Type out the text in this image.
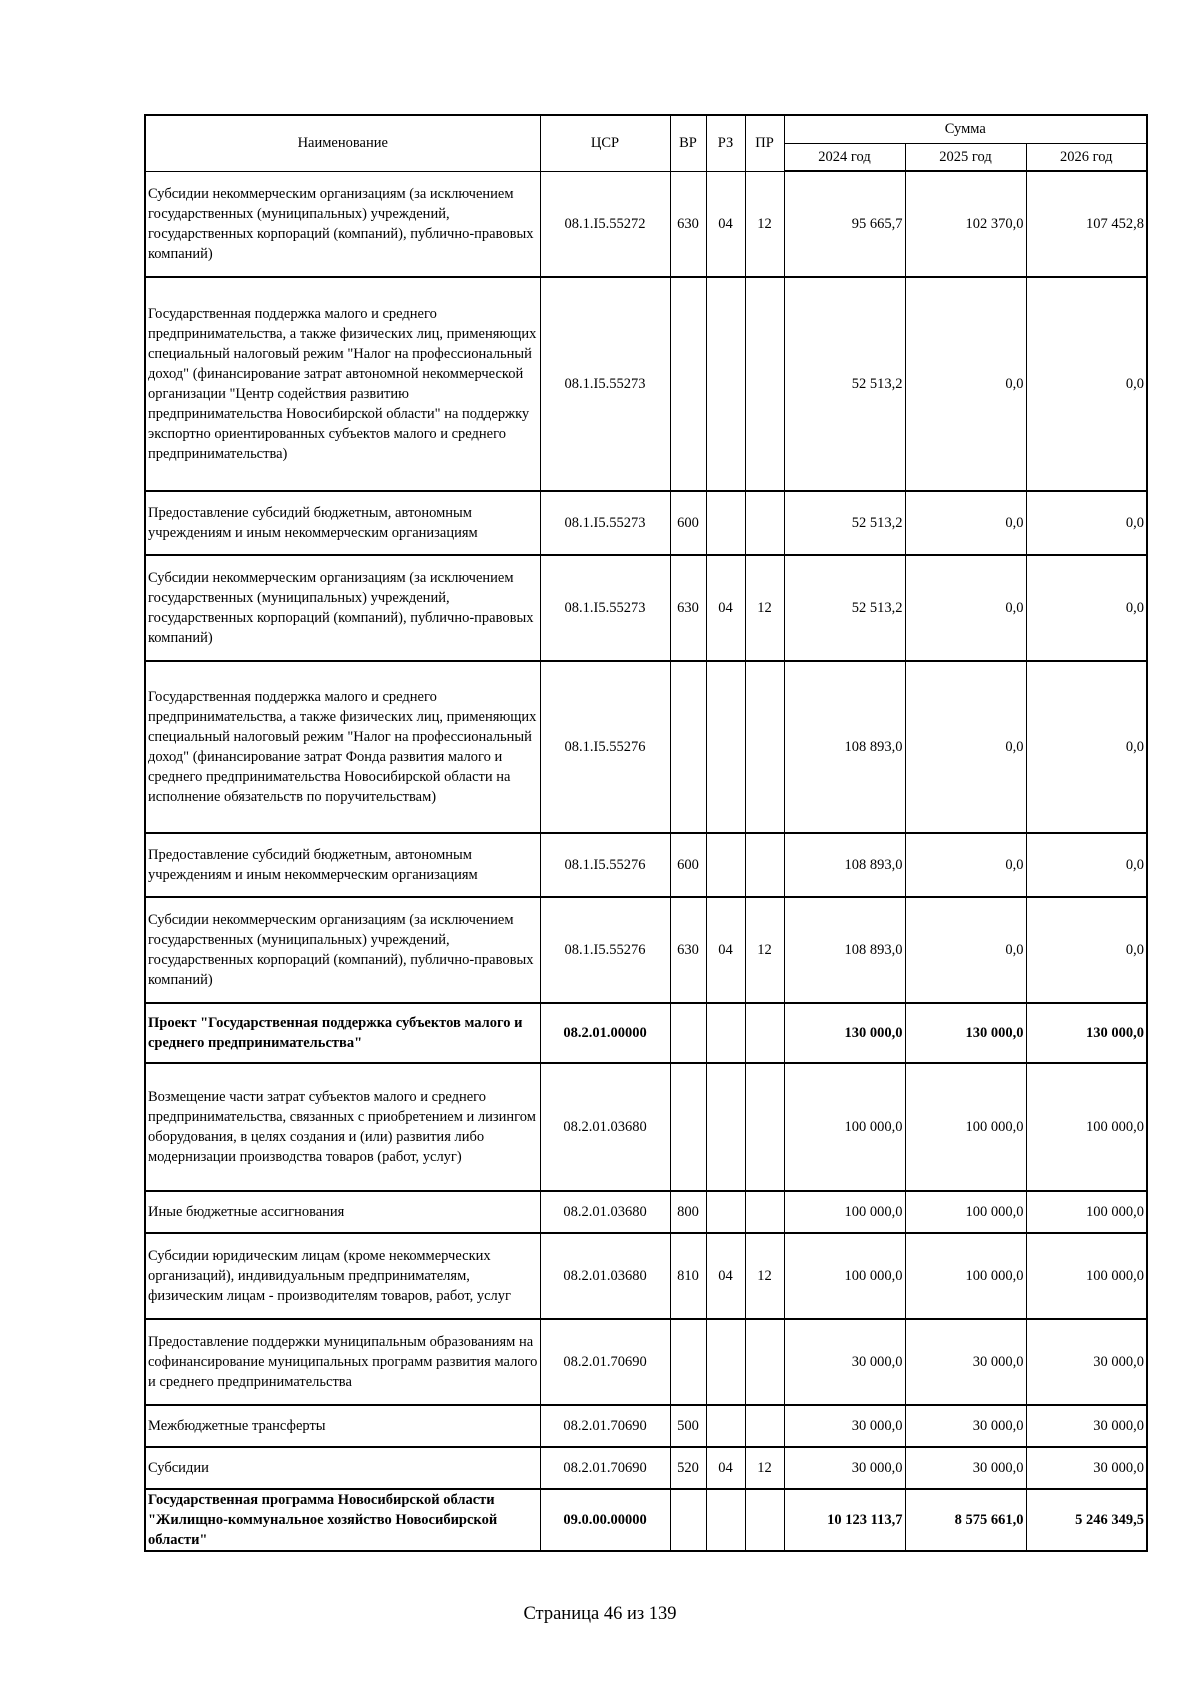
Наименование	ЦСР	ВР	РЗ	ПР	Сумма		
					2024 год	2025 год	2026 год
Субсидии некоммерческим организациям (за исключением государственных (муниципальных) учреждений, государственных корпораций (компаний), публично-правовых компаний)	08.1.I5.55272	630	04	12	95 665,7	102 370,0	107 452,8
Государственная поддержка малого и среднего предпринимательства, а также физических лиц, применяющих специальный налоговый режим "Налог на профессиональный доход" (финансирование затрат автономной некоммерческой организации "Центр содействия развитию предпринимательства Новосибирской области" на поддержку экспортно ориентированных субъектов малого и среднего предпринимательства)	08.1.I5.55273				52 513,2	0,0	0,0
Предоставление субсидий бюджетным, автономным учреждениям и иным некоммерческим организациям	08.1.I5.55273	600			52 513,2	0,0	0,0
Субсидии некоммерческим организациям (за исключением государственных (муниципальных) учреждений, государственных корпораций (компаний), публично-правовых компаний)	08.1.I5.55273	630	04	12	52 513,2	0,0	0,0
Государственная поддержка малого и среднего предпринимательства, а также физических лиц, применяющих специальный налоговый режим "Налог на профессиональный доход" (финансирование затрат Фонда развития малого и среднего предпринимательства Новосибирской области на исполнение обязательств по поручительствам)	08.1.I5.55276				108 893,0	0,0	0,0
Предоставление субсидий бюджетным, автономным учреждениям и иным некоммерческим организациям	08.1.I5.55276	600			108 893,0	0,0	0,0
Субсидии некоммерческим организациям (за исключением государственных (муниципальных) учреждений, государственных корпораций (компаний), публично-правовых компаний)	08.1.I5.55276	630	04	12	108 893,0	0,0	0,0
Проект "Государственная поддержка субъектов малого и среднего предпринимательства"	08.2.01.00000				130 000,0	130 000,0	130 000,0
Возмещение части затрат субъектов малого и среднего предпринимательства, связанных с приобретением и лизингом оборудования, в целях создания и (или) развития либо модернизации производства товаров (работ, услуг)	08.2.01.03680				100 000,0	100 000,0	100 000,0
Иные бюджетные ассигнования	08.2.01.03680	800			100 000,0	100 000,0	100 000,0
Субсидии юридическим лицам (кроме некоммерческих организаций), индивидуальным предпринимателям, физическим лицам - производителям товаров, работ, услуг	08.2.01.03680	810	04	12	100 000,0	100 000,0	100 000,0
Предоставление поддержки муниципальным образованиям на софинансирование муниципальных программ развития малого и среднего предпринимательства	08.2.01.70690				30 000,0	30 000,0	30 000,0
Межбюджетные трансферты	08.2.01.70690	500			30 000,0	30 000,0	30 000,0
Субсидии	08.2.01.70690	520	04	12	30 000,0	30 000,0	30 000,0
Государственная программа Новосибирской области "Жилищно-коммунальное хозяйство Новосибирской области"	09.0.00.00000				10 123 113,7	8 575 661,0	5 246 349,5
Страница 46 из 139
